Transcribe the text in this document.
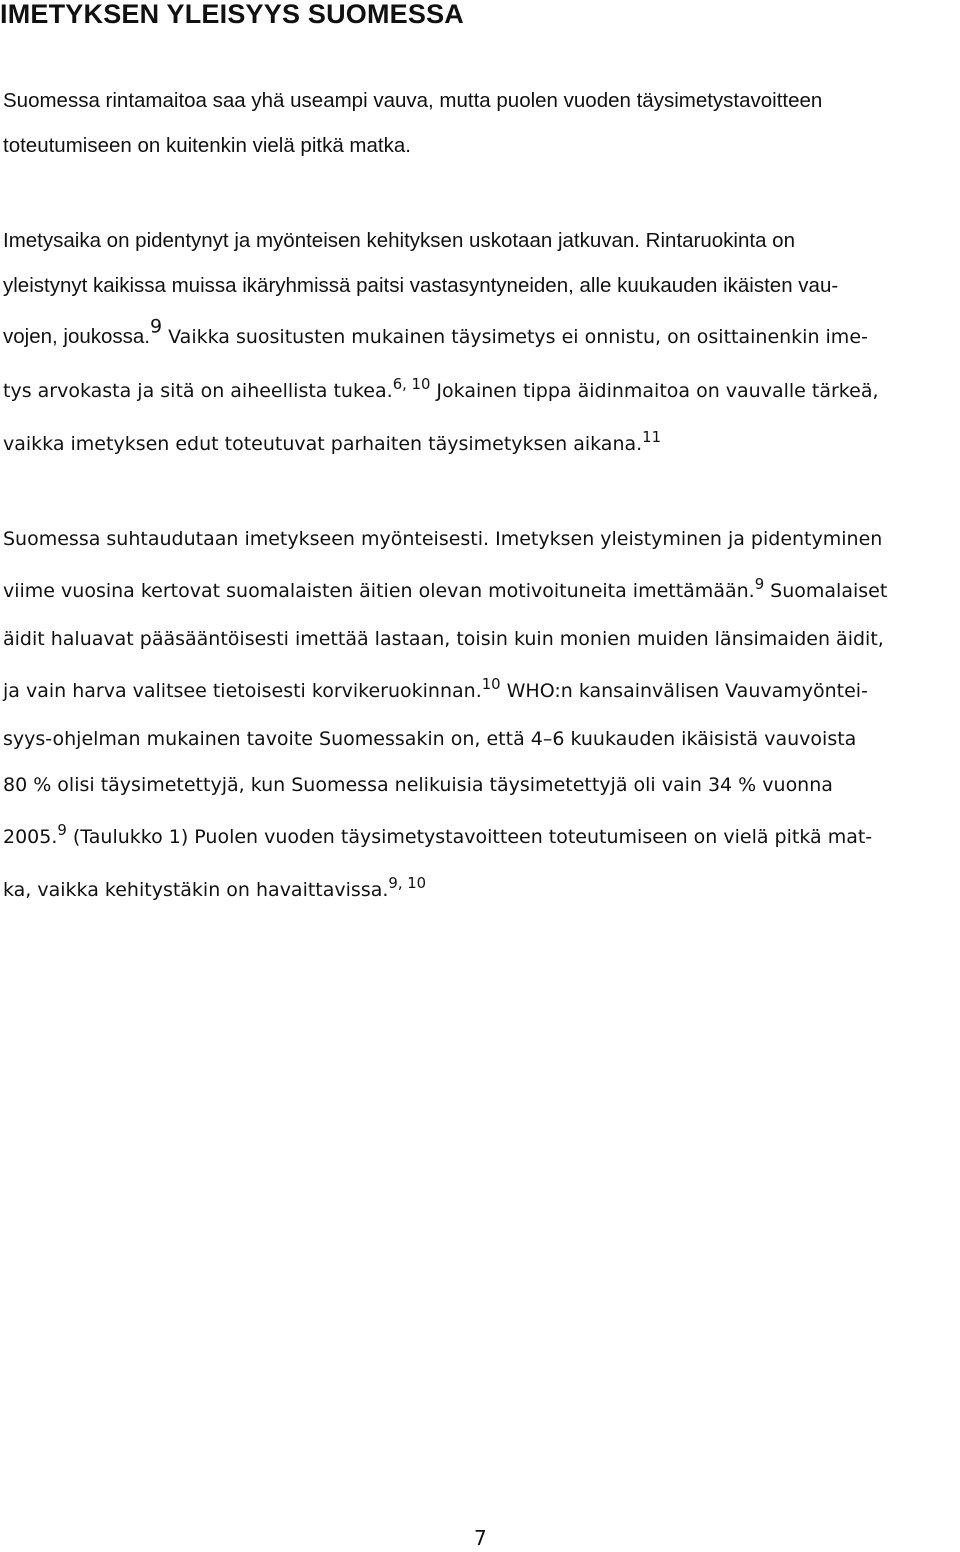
IMETYKSEN YLEISYYS SUOMESSA
Suomessa rintamaitoa saa yhä useampi vauva, mutta puolen vuoden täysimetystavoitteen
toteutumiseen on kuitenkin vielä pitkä matka.
Imetysaika on pidentynyt ja myönteisen kehityksen uskotaan jatkuvan. Rintaruokinta on
yleistynyt kaikissa muissa ikäryhmissä paitsi vastasyntyneiden, alle kuukauden ikäisten vau-
vojen, joukossa.$^9$ Vaikka suositusten mukainen täysimetys ei onnistu, on osittainenkin ime-
tys arvokasta ja sitä on aiheellista tukea.$^{6, 10}$ Jokainen tippa äidinmaitoa on vauvalle tärkeä,
vaikka imetyksen edut toteutuvat parhaiten täysimetyksen aikana.$^{11}$
Suomessa suhtaudutaan imetykseen myönteisesti. Imetyksen yleistyminen ja pidentyminen
viime vuosina kertovat suomalaisten äitien olevan motivoituneita imettämään.$^9$ Suomalaiset
äidit haluavat pääsääntöisesti imettää lastaan, toisin kuin monien muiden länsimaiden äidit,
ja vain harva valitsee tietoisesti korvikeruokinnan.$^{10}$ WHO:n kansainvälisen Vauvamyöntei-
syys-ohjelman mukainen tavoite Suomessakin on, että 4–6 kuukauden ikäisistä vauvoista
80 % olisi täysimetettyjä, kun Suomessa nelikuisia täysimetettyjä oli vain 34 % vuonna
2005.$^9$ (Taulukko 1) Puolen vuoden täysimetystavoitteen toteutumiseen on vielä pitkä mat-
ka, vaikka kehitystäkin on havaittavissa.$^{9, 10}$
7
